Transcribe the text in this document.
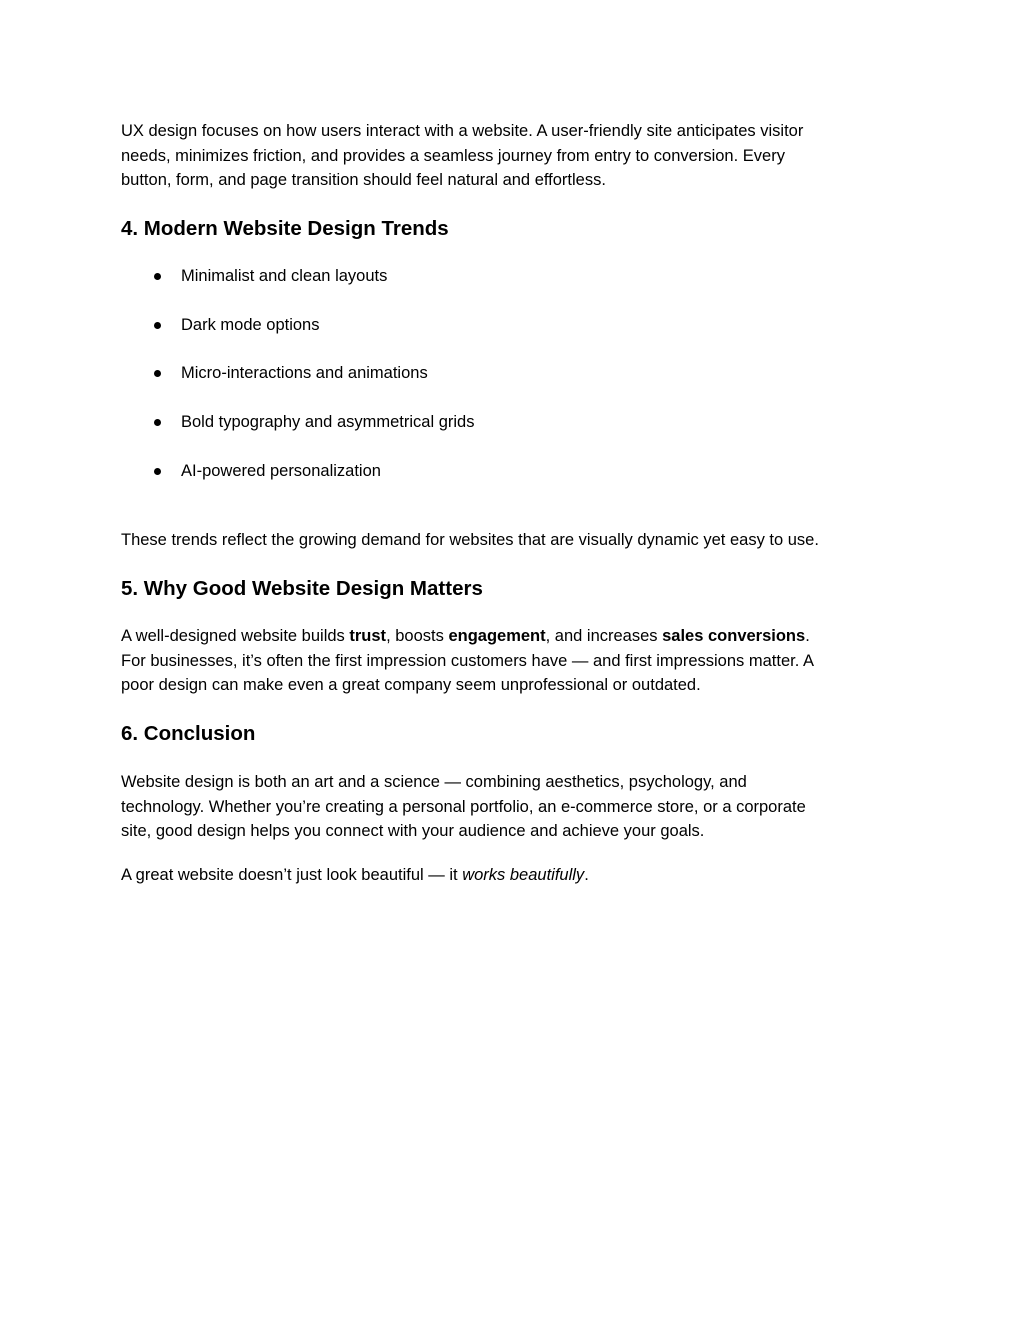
UX design focuses on how users interact with a website. A user-friendly site anticipates visitor
needs, minimizes friction, and provides a seamless journey from entry to conversion. Every
button, form, and page transition should feel natural and effortless.

4. Modern Website Design Trends
Minimalist and clean layouts
Dark mode options
Micro-interactions and animations
Bold typography and asymmetrical grids
AI-powered personalization

These trends reflect the growing demand for websites that are visually dynamic yet easy to use.

5. Why Good Website Design Matters

A well-designed website builds trust, boosts engagement, and increases sales conversions.
For businesses, it’s often the first impression customers have — and first impressions matter. A
poor design can make even a great company seem unprofessional or outdated.

6. Conclusion

Website design is both an art and a science — combining aesthetics, psychology, and
technology. Whether you’re creating a personal portfolio, an e-commerce store, or a corporate
site, good design helps you connect with your audience and achieve your goals.

A great website doesn’t just look beautiful — it works beautifully.
